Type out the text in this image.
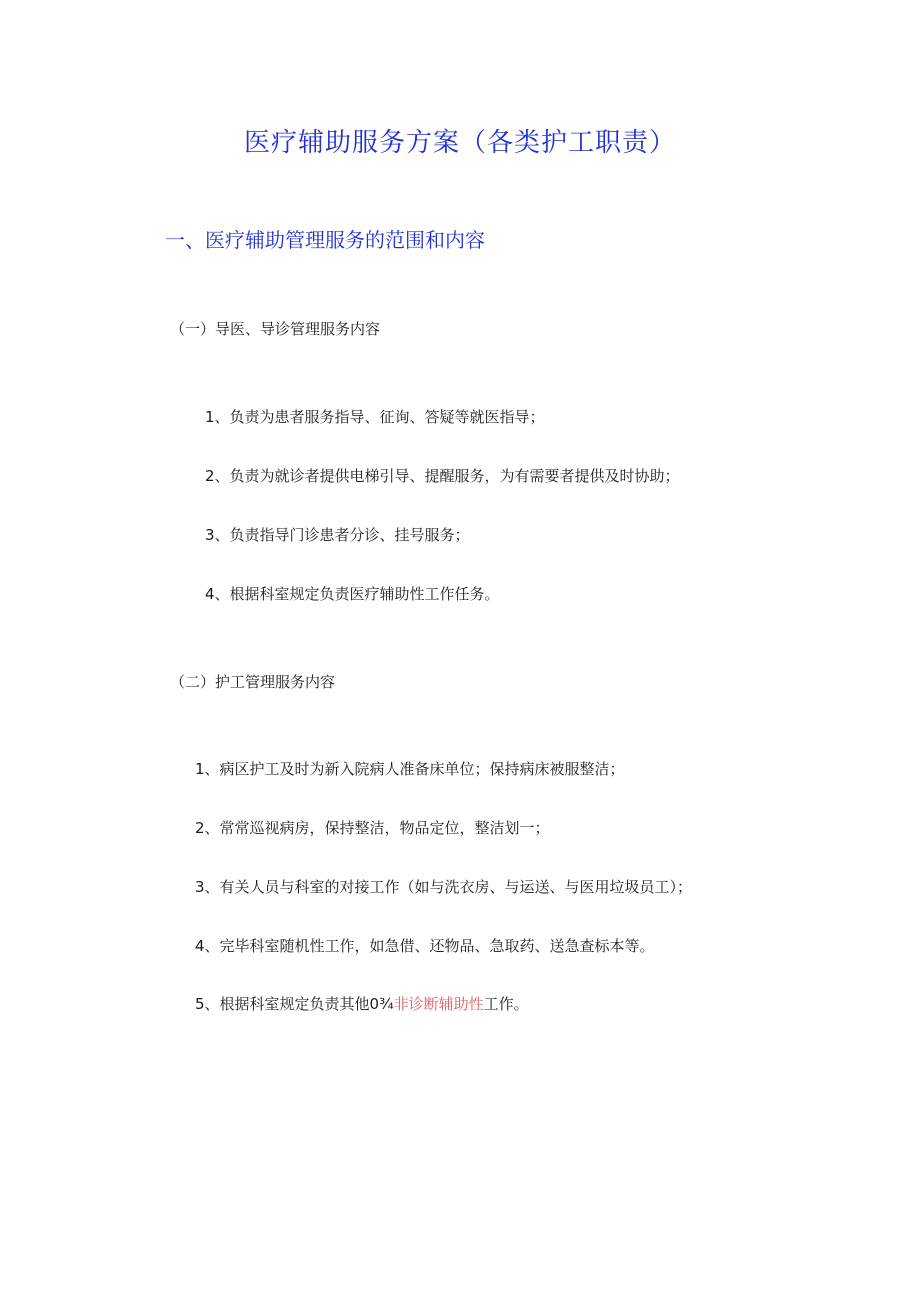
医疗辅助服务方案（各类护工职责）
一、医疗辅助管理服务的范围和内容
（一）导医、导诊管理服务内容
1、负责为患者服务指导、征询、答疑等就医指导；
2、负责为就诊者提供电梯引导、提醒服务，为有需要者提供及时协助；
3、负责指导门诊患者分诊、挂号服务；
4、根据科室规定负责医疗辅助性工作任务。
（二）护工管理服务内容
1、病区护工及时为新入院病人准备床单位；保持病床被服整洁；
2、常常巡视病房，保持整洁，物品定位，整洁划一；
3、有关人员与科室的对接工作（如与洗衣房、与运送、与医用垃圾员工）；
4、完毕科室随机性工作，如急借、还物品、急取药、送急查标本等。
5、根据科室规定负责其他0¾非诊断辅助性工作。
